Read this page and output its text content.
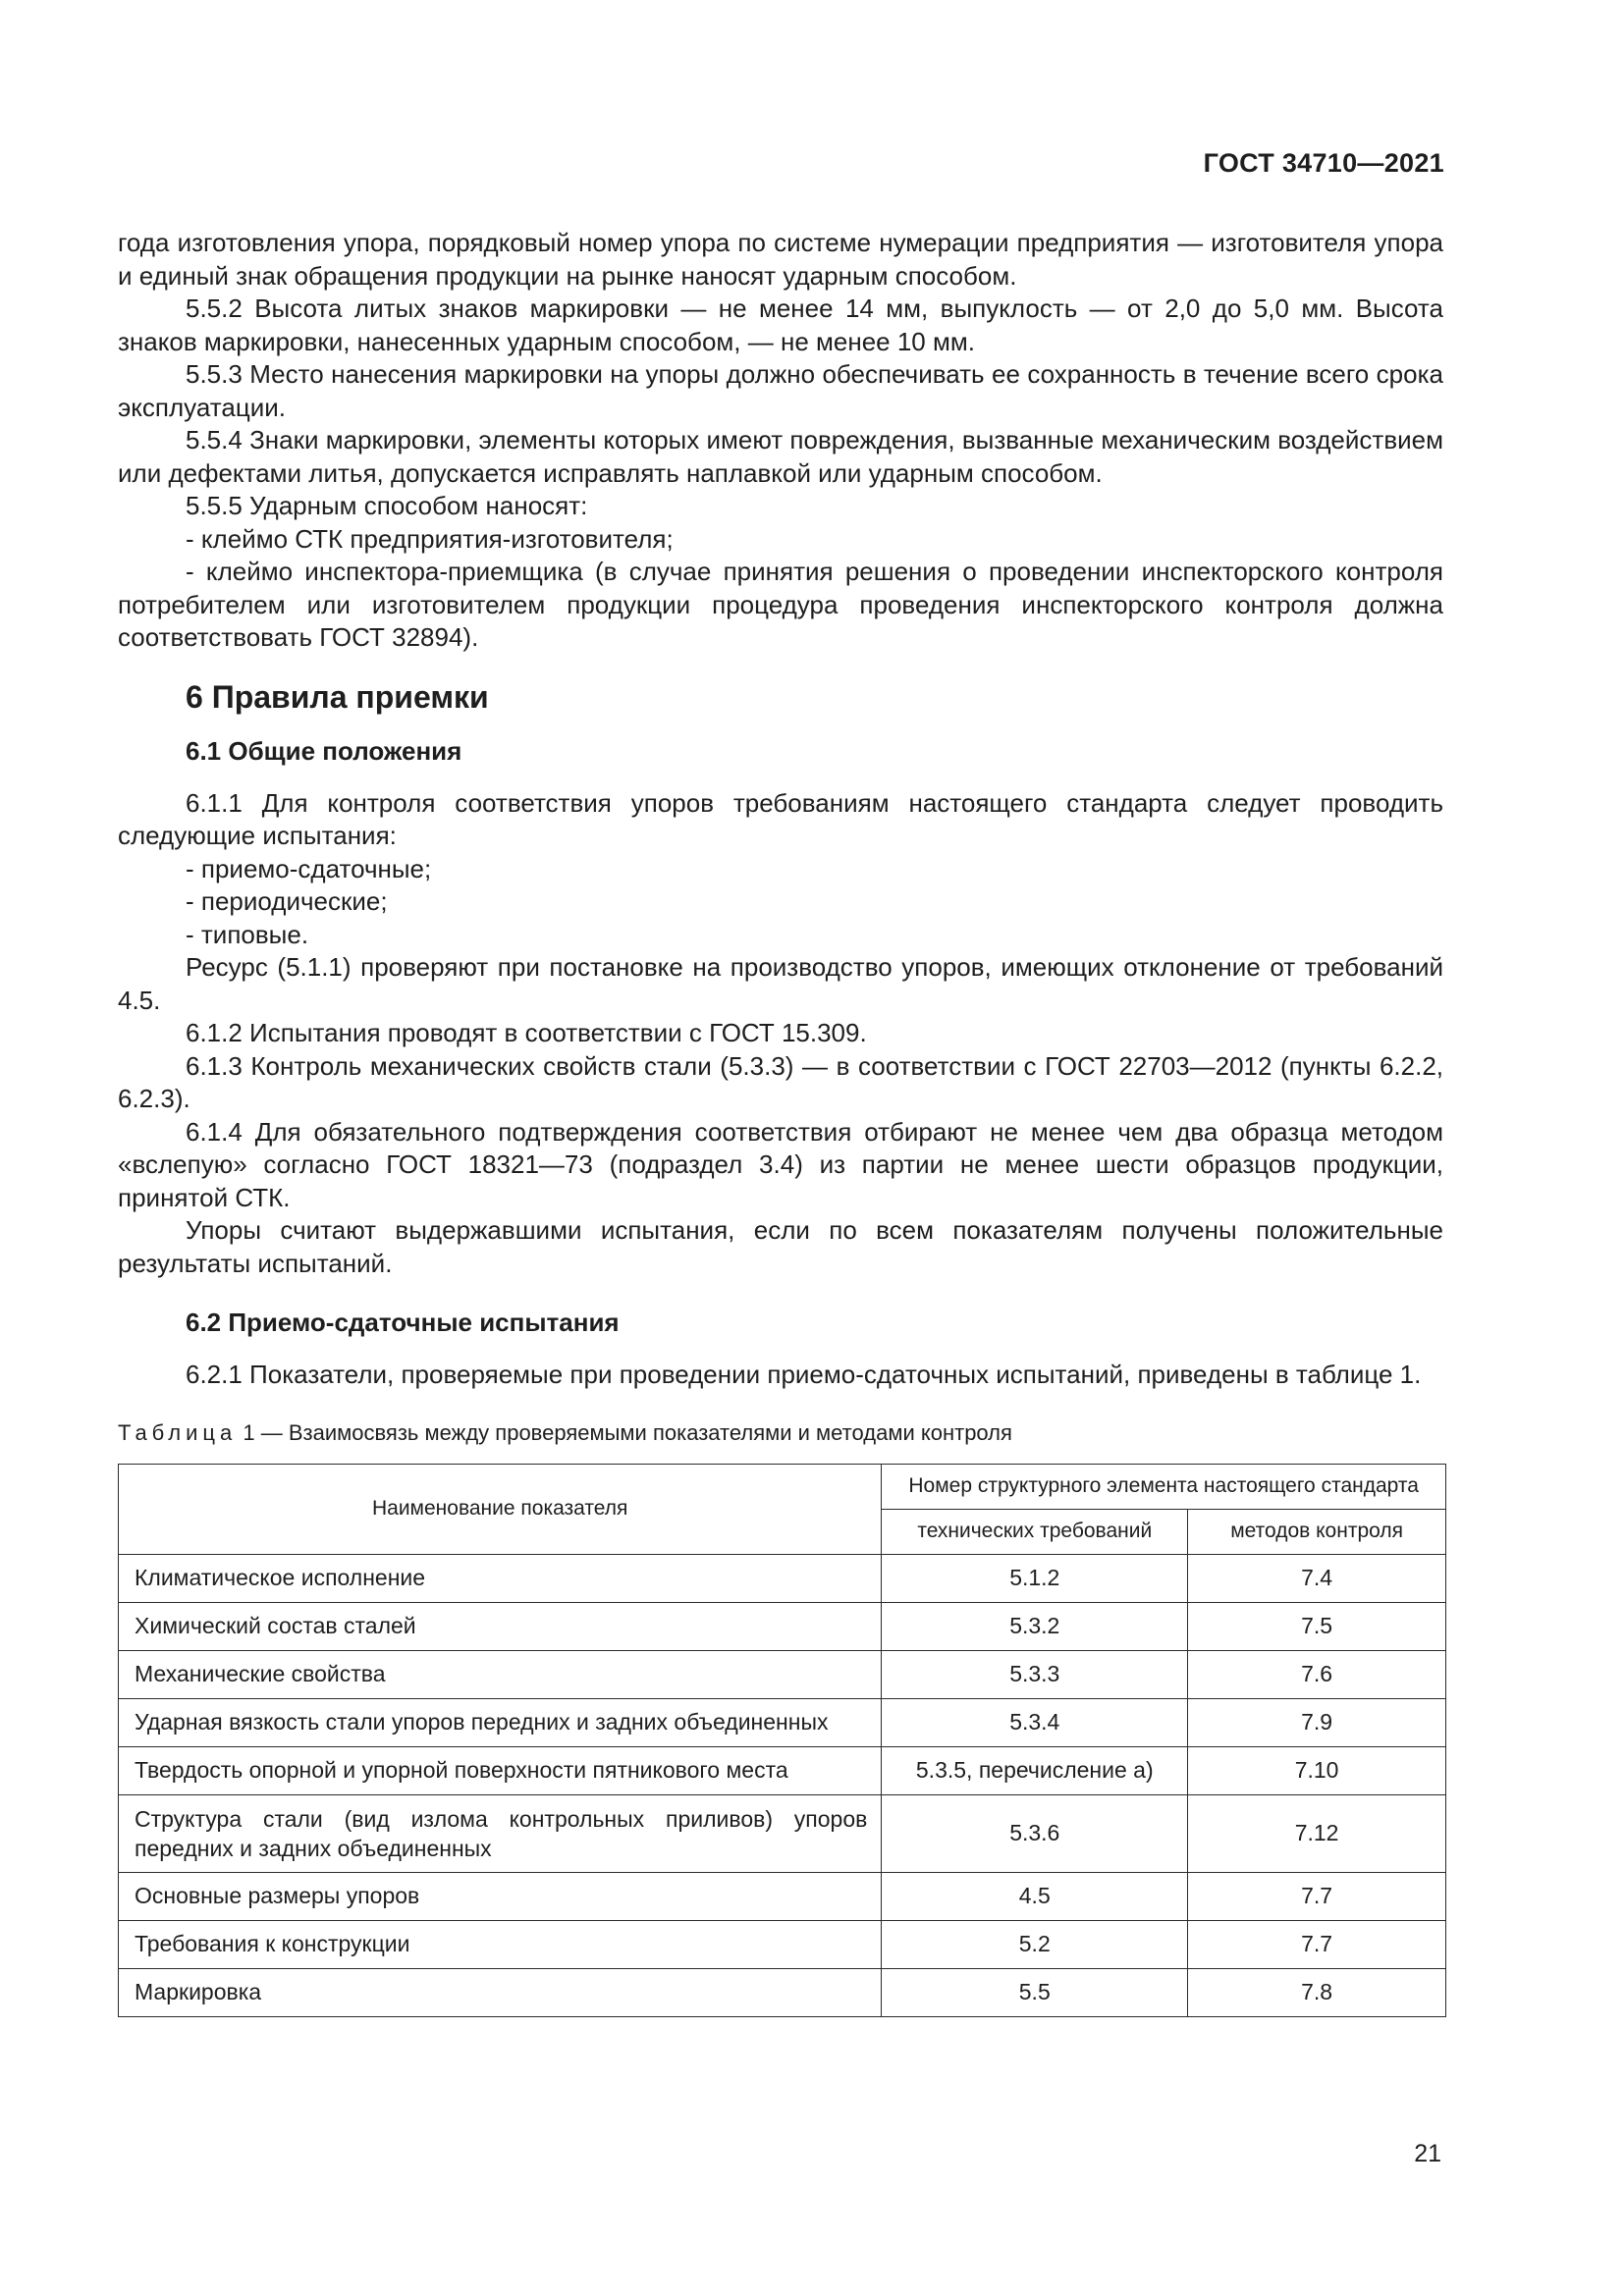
ГОСТ 34710—2021

года изготовления упора, порядковый номер упора по системе нумерации предприятия — изготовителя упора и единый знак обращения продукции на рынке наносят ударным способом.

5.5.2 Высота литых знаков маркировки — не менее 14 мм, выпуклость — от 2,0 до 5,0 мм. Высота знаков маркировки, нанесенных ударным способом, — не менее 10 мм.

5.5.3 Место нанесения маркировки на упоры должно обеспечивать ее сохранность в течение всего срока эксплуатации.

5.5.4 Знаки маркировки, элементы которых имеют повреждения, вызванные механическим воздействием или дефектами литья, допускается исправлять наплавкой или ударным способом.

5.5.5 Ударным способом наносят:

- клеймо СТК предприятия-изготовителя;

- клеймо инспектора-приемщика (в случае принятия решения о проведении инспекторского контроля потребителем или изготовителем продукции процедура проведения инспекторского контроля должна соответствовать ГОСТ 32894).

6 Правила приемки
6.1 Общие положения

6.1.1 Для контроля соответствия упоров требованиям настоящего стандарта следует проводить следующие испытания:

- приемо-сдаточные;

- периодические;

- типовые.

Ресурс (5.1.1) проверяют при постановке на производство упоров, имеющих отклонение от требований 4.5.

6.1.2 Испытания проводят в соответствии с ГОСТ 15.309.

6.1.3 Контроль механических свойств стали (5.3.3) — в соответствии с ГОСТ 22703—2012 (пункты 6.2.2, 6.2.3).

6.1.4 Для обязательного подтверждения соответствия отбирают не менее чем два образца методом «вслепую» согласно ГОСТ 18321—73 (подраздел 3.4) из партии не менее шести образцов продукции, принятой СТК.

Упоры считают выдержавшими испытания, если по всем показателям получены положительные результаты испытаний.

6.2 Приемо-сдаточные испытания

6.2.1 Показатели, проверяемые при проведении приемо-сдаточных испытаний, приведены в таблице 1.

Таблица 1 — Взаимосвязь между проверяемыми показателями и методами контроля
Наименование показателя	Номер структурного элемента настоящего стандарта	
	технических требований	методов контроля
Климатическое исполнение	5.1.2	7.4
Химический состав сталей	5.3.2	7.5
Механические свойства	5.3.3	7.6
Ударная вязкость стали упоров передних и задних объединенных	5.3.4	7.9
Твердость опорной и упорной поверхности пятникового места	5.3.5, перечисление а)	7.10
Структура стали (вид излома контрольных приливов) упоров передних и задних объединенных	5.3.6	7.12
Основные размеры упоров	4.5	7.7
Требования к конструкции	5.2	7.7
Маркировка	5.5	7.8
21
